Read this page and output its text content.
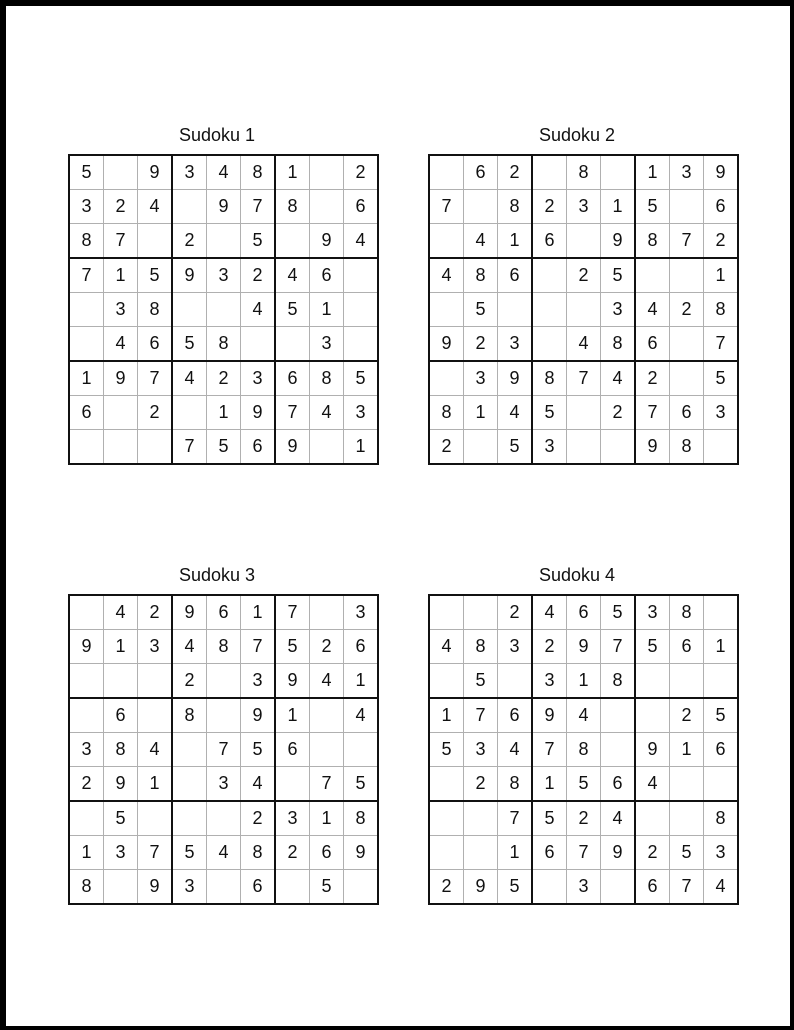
Sudoku 1
5		9	3	4	8	1		2
3	2	4		9	7	8		6
8	7		2		5		9	4
7	1	5	9	3	2	4	6	
	3	8			4	5	1	
	4	6	5	8			3	
1	9	7	4	2	3	6	8	5
6		2		1	9	7	4	3
			7	5	6	9		1
Sudoku 2
	6	2		8		1	3	9
7		8	2	3	1	5		6
	4	1	6		9	8	7	2
4	8	6		2	5			1
	5				3	4	2	8
9	2	3		4	8	6		7
	3	9	8	7	4	2		5
8	1	4	5		2	7	6	3
2		5	3			9	8	
Sudoku 3
	4	2	9	6	1	7		3
9	1	3	4	8	7	5	2	6
			2		3	9	4	1
	6		8		9	1		4
3	8	4		7	5	6		
2	9	1		3	4		7	5
	5				2	3	1	8
1	3	7	5	4	8	2	6	9
8		9	3		6		5	
Sudoku 4
		2	4	6	5	3	8	
4	8	3	2	9	7	5	6	1
	5		3	1	8			
1	7	6	9	4			2	5
5	3	4	7	8		9	1	6
	2	8	1	5	6	4		
		7	5	2	4			8
		1	6	7	9	2	5	3
2	9	5		3		6	7	4
